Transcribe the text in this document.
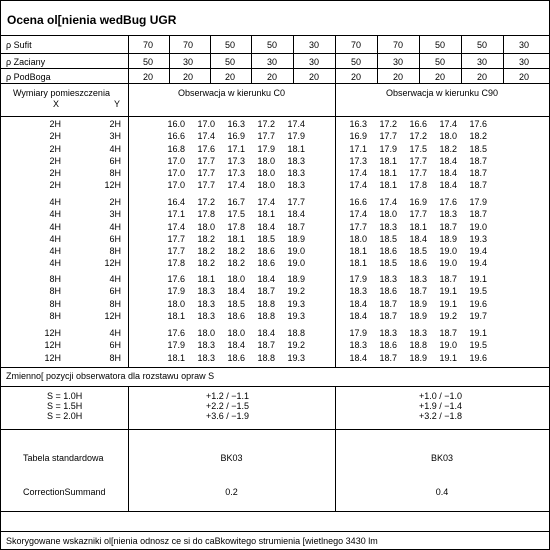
Ocena ol[nienia wedBug UGR
ρ Sufit	70	70	50	50	30	70	70	50	50	30
ρ Zaciany	50	30	50	30	30	50	30	50	30	30
ρ PodBoga	20	20	20	20	20	20	20	20	20	20
Wymiary pomieszczenia
X	Y
Obserwacja w kierunku C0	Obserwacja w kierunku C90
2H	2H	16.0	17.0	16.3	17.2	17.4	16.3	17.2	16.6	17.4	17.6
2H	3H	16.6	17.4	16.9	17.7	17.9	16.9	17.7	17.2	18.0	18.2
2H	4H	16.8	17.6	17.1	17.9	18.1	17.1	17.9	17.5	18.2	18.5
2H	6H	17.0	17.7	17.3	18.0	18.3	17.3	18.1	17.7	18.4	18.7
2H	8H	17.0	17.7	17.3	18.0	18.3	17.4	18.1	17.7	18.4	18.7
2H	12H	17.0	17.7	17.4	18.0	18.3	17.4	18.1	17.8	18.4	18.7
4H	2H	16.4	17.2	16.7	17.4	17.7	16.6	17.4	16.9	17.6	17.9
4H	3H	17.1	17.8	17.5	18.1	18.4	17.4	18.0	17.7	18.3	18.7
4H	4H	17.4	18.0	17.8	18.4	18.7	17.7	18.3	18.1	18.7	19.0
4H	6H	17.7	18.2	18.1	18.5	18.9	18.0	18.5	18.4	18.9	19.3
4H	8H	17.7	18.2	18.2	18.6	19.0	18.1	18.6	18.5	19.0	19.4
4H	12H	17.8	18.2	18.2	18.6	19.0	18.1	18.5	18.6	19.0	19.4
8H	4H	17.6	18.1	18.0	18.4	18.9	17.9	18.3	18.3	18.7	19.1
8H	6H	17.9	18.3	18.4	18.7	19.2	18.3	18.6	18.7	19.1	19.5
8H	8H	18.0	18.3	18.5	18.8	19.3	18.4	18.7	18.9	19.1	19.6
8H	12H	18.1	18.3	18.6	18.8	19.3	18.4	18.7	18.9	19.2	19.7
12H	4H	17.6	18.0	18.0	18.4	18.8	17.9	18.3	18.3	18.7	19.1
12H	6H	17.9	18.3	18.4	18.7	19.2	18.3	18.6	18.8	19.0	19.5
12H	8H	18.1	18.3	18.6	18.8	19.3	18.4	18.7	18.9	19.1	19.6
Zmienno[ pozycji obserwatora dla rozstawu opraw S
S = 1.0H	+1.2 / −1.1	+1.0 / −1.0
S = 1.5H	+2.2 / −1.5	+1.9 / −1.4
S = 2.0H	+3.6 / −1.9	+3.2 / −1.8
Tabela standardowa	BK03	BK03
CorrectionSummand	0.2	0.4
Skorygowane wskazniki ol[nienia odnosz ce si do caBkowitego strumienia [wietlnego 3430 lm
